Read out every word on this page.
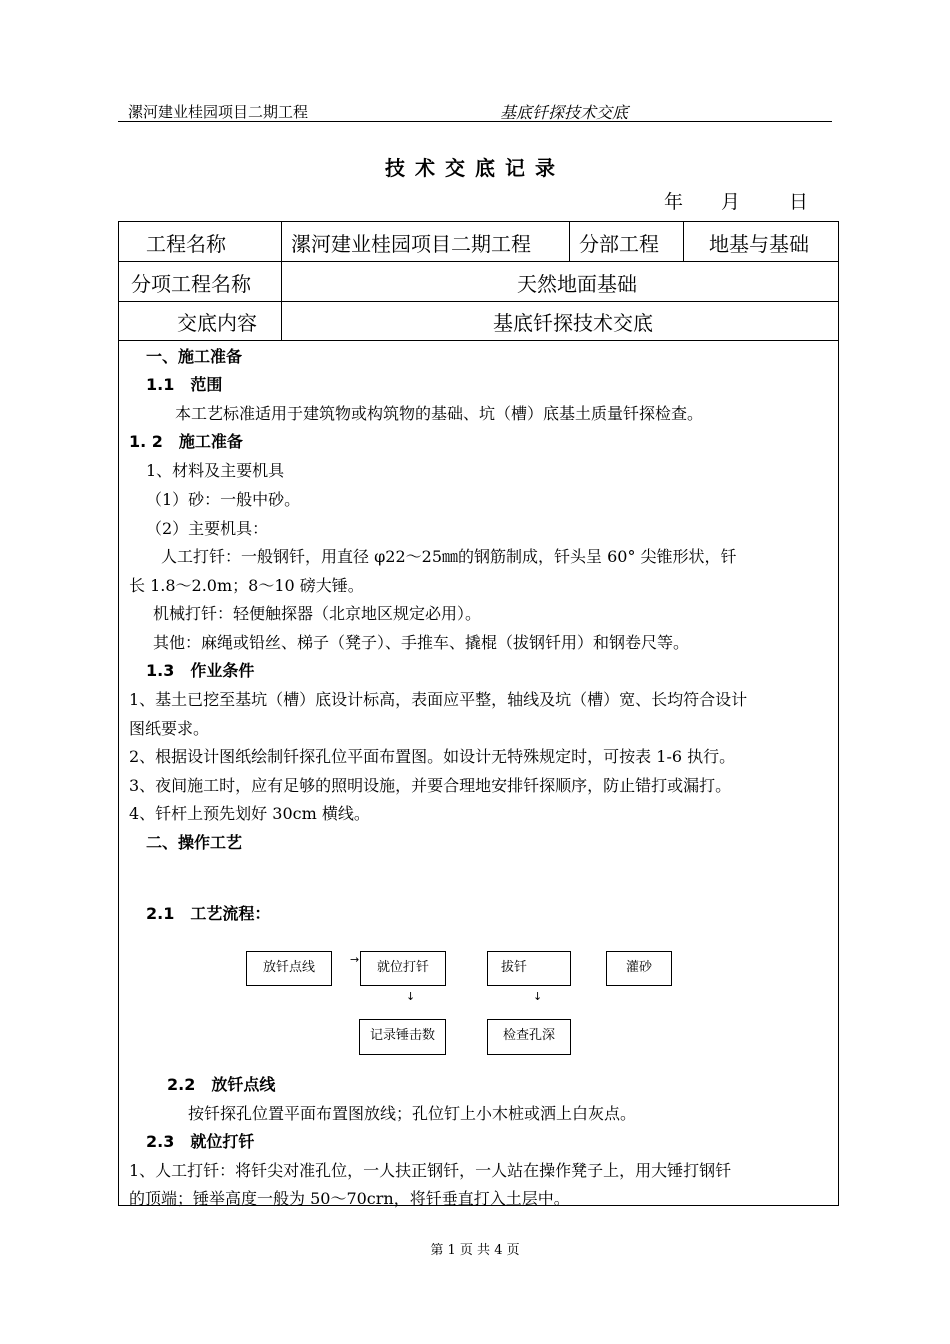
漯河建业桂园项目二期工程	基底钎探技术交底
技术交底记录
年 月	日
工程名称	漯河建业桂园项目二期工程 分部工程	地基与基础
分项工程名称	天然地面基础
交底内容	基底钎探技术交底
一、施工准备
1.1　范围
本工艺标准适用于建筑物或构筑物的基础、坑（槽）底基土质量钎探检查。
1. 2　施工准备
1、材料及主要机具
（1）砂：一般中砂。
（2）主要机具：
人工打钎：一般钢钎，用直径 φ22～25㎜的钢筋制成，钎头呈 60° 尖锥形状，钎
长 1.8～2.0m；8～10 磅大锤。
机械打钎：轻便触探器（北京地区规定必用）。
其他：麻绳或铅丝、梯子（凳子）、手推车、撬棍（拔钢钎用）和钢卷尺等。
1.3　作业条件
1、基土已挖至基坑（槽）底设计标高，表面应平整，轴线及坑（槽）宽、长均符合设计
图纸要求。
2、根据设计图纸绘制钎探孔位平面布置图。如设计无特殊规定时，可按表 1-6 执行。
3、夜间施工时，应有足够的照明设施，并要合理地安排钎探顺序，防止错打或漏打。
4、钎杆上预先划好 30cm 横线。
二、操作工艺
2.1　工艺流程：
放钎点线
→
就位打钎	拔钎	灌砂
↓	↓
记录锤击数	检查孔深
2.2　放钎点线
按钎探孔位置平面布置图放线；孔位钉上小木桩或洒上白灰点。
2.3　就位打钎
1、人工打钎：将钎尖对准孔位，一人扶正钢钎，一人站在操作凳子上，用大锤打钢钎
的顶端；锤举高度一般为 50～70crn，将钎垂直打入土层中。
第 1 页 共 4 页
